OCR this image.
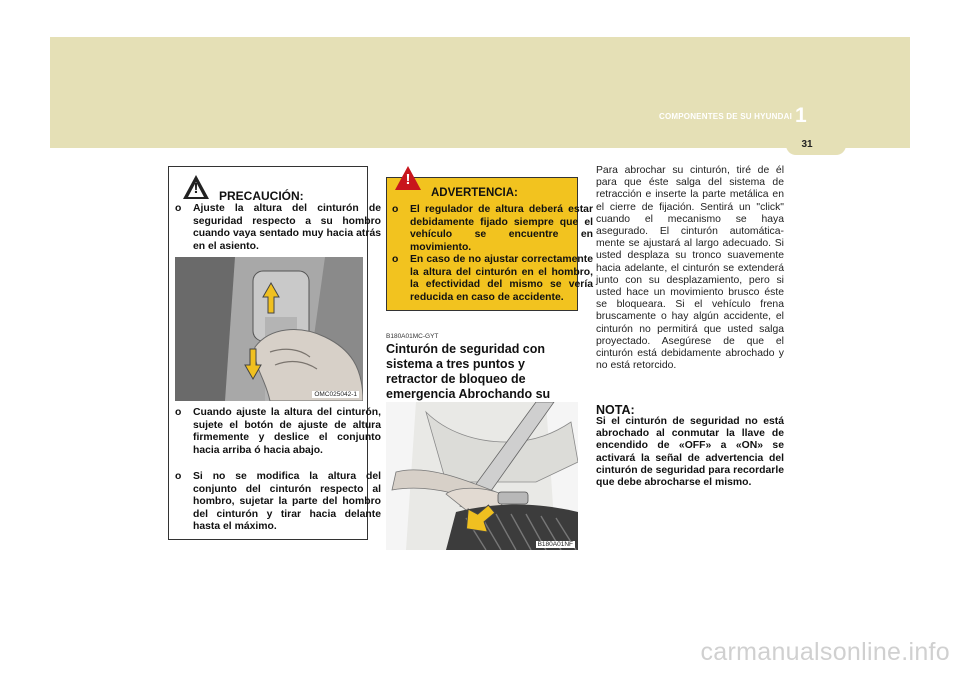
COMPONENTES DE SU HYUNDAI 1
31
! PRECAUCIÓN:
o Ajuste la altura del cinturón de seguridad respecto a su hombro cuando vaya sentado muy hacia atrás en el asiento.
OMC025042-1
o Cuando ajuste la altura del cinturón, sujete el botón de ajuste de altura firmemente y deslice el conjunto hacia arriba ó hacia abajo.
o Si no se modifica la altura del conjunto del cinturón respecto al hombro, sujetar la parte del hombro del cinturón y tirar hacia delante hasta el máximo.
!
ADVERTENCIA:
o El regulador de altura deberá estar debidamente fijado siempre que el vehículo se encuentre en movimiento.
o En caso de no ajustar correctamente la altura del cinturón en el hombro, la efectividad del mismo se vería reducida en caso de accidente.
B180A01MC-GYT
Cinturón de seguridad con sistema a tres puntos y retractor de bloqueo de emergencia Abrochando su
B180A01NF
Para abrochar su cinturón, tiré de él para que éste salga del sistema de retracción e inserte la parte metálica en el cierre de fijación. Sentirá un "click" cuando el mecanismo se haya asegurado. El cinturón automática-mente se ajustará al largo adecuado. Si usted desplaza su tronco suavemente hacia adelante, el cinturón se extenderá junto con su desplazamiento, pero si usted hace un movimiento brusco éste se bloqueara. Si el vehículo frena bruscamente o hay algún accidente, el cinturón no permitirá que usted salga proyectado. Asegúrese de que el cinturón está debidamente abrochado y no está retorcido.
NOTA:
Si el cinturón de seguridad no está abrochado al conmutar la llave de encendido de «OFF» a «ON» se activará la señal de advertencia del cinturón de seguridad para recordarle que debe abrocharse el mismo.
carmanualsonline.info
